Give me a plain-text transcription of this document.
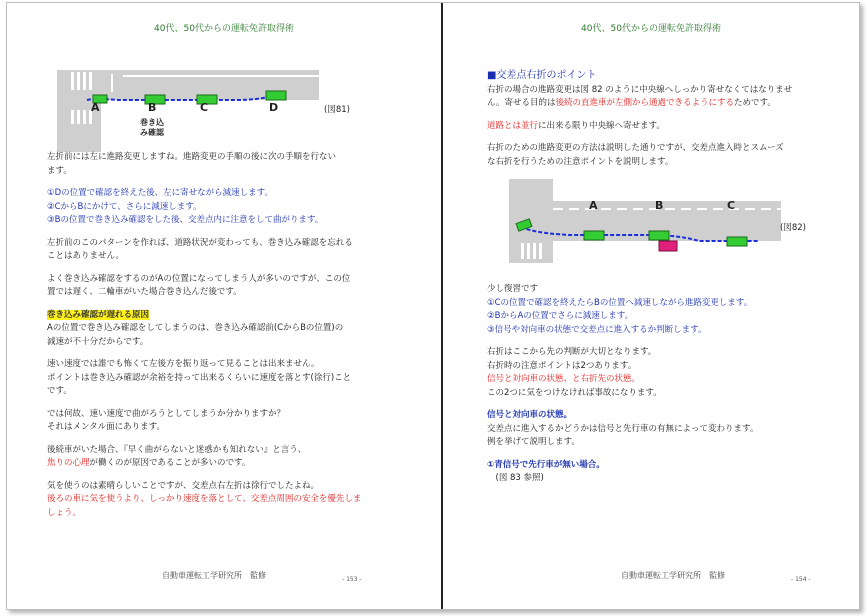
40代、50代からの運転免許取得術
A	B	C	D
巻き込
み確認
(図81)

左折前には左に進路変更しますね。進路変更の手順の後に次の手順を行ない

ます。

①Dの位置で確認を終えた後、左に寄せながら減速します。

②CからBにかけて、さらに減速します。

③Bの位置で巻き込み確認をした後、交差点内に注意をして曲がります。

左折前のこのパターンを作れば、道路状況が変わっても、巻き込み確認を忘れる

ことはありません。

よく巻き込み確認をするのがAの位置になってしまう人が多いのですが、この位

置では遅く、二輪車がいた場合巻き込んだ後です。

巻き込み確認が遅れる原因

Aの位置で巻き込み確認をしてしまうのは、巻き込み確認前(CからBの位置)の

減速が不十分だからです。

速い速度では誰でも怖くて左後方を振り返って見ることは出来ません。

ポイントは巻き込み確認が余裕を持って出来るくらいに速度を落とす(徐行)こと

です。

では何故、速い速度で曲がろうとしてしまうか分かりますか？

それはメンタル面にあります。

後続車がいた場合、『早く曲がらないと迷惑かも知れない』と言う、

焦りの心理が働くのが原因であることが多いのです。

気を使うのは素晴らしいことですが、交差点右左折は徐行でしたよね。

後ろの車に気を使うより、しっかり速度を落として、交差点周囲の安全を優先しま

しょう。

自動車運転工学研究所　監修	- 153 -
40代、50代からの運転免許取得術
A	B	C
(図82)

■交差点右折のポイント

右折の場合の進路変更は図 82 のように中央線へしっかり寄せなくてはなりませ

ん。寄せる目的は後続の直進車が左側から通過できるようにするためです。

道路とは並行に出来る限り中央線へ寄せます。

右折のための進路変更の方法は説明した通りですが、交差点進入時とスムーズ

な右折を行うための注意ポイントを説明します。

少し復習です

①Cの位置で確認を終えたらBの位置へ減速しながら進路変更します。

②BからAの位置でさらに減速します。

③信号や対向車の状態で交差点に進入するか判断します。

右折はここから先の判断が大切となります。

右折時の注意ポイントは2つあります。

信号と対向車の状態、と右折先の状態。

この2つに気をつけなければ事故になります。

信号と対向車の状態。

交差点に進入するかどうかは信号と先行車の有無によって変わります。

例を挙げて説明します。

①青信号で先行車が無い場合。

　(図 83 参照)

自動車運転工学研究所　監修	- 154 -
